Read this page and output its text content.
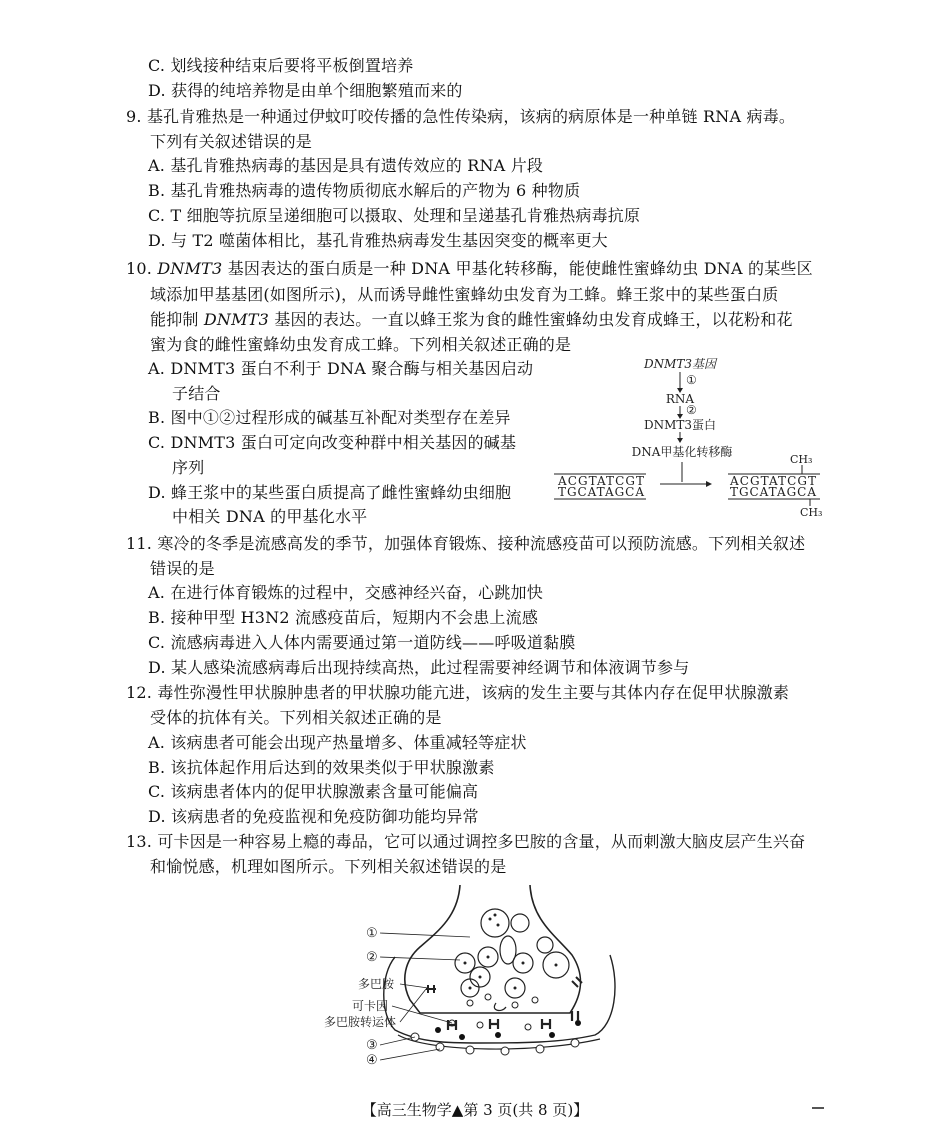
C. 划线接种结束后要将平板倒置培养
D. 获得的纯培养物是由单个细胞繁殖而来的
9. 基孔肯雅热是一种通过伊蚊叮咬传播的急性传染病，该病的病原体是一种单链 RNA 病毒。
下列有关叙述错误的是
A. 基孔肯雅热病毒的基因是具有遗传效应的 RNA 片段
B. 基孔肯雅热病毒的遗传物质彻底水解后的产物为 6 种物质
C. T 细胞等抗原呈递细胞可以摄取、处理和呈递基孔肯雅热病毒抗原
D. 与 T2 噬菌体相比，基孔肯雅热病毒发生基因突变的概率更大
10. DNMT3 基因表达的蛋白质是一种 DNA 甲基化转移酶，能使雌性蜜蜂幼虫 DNA 的某些区
域添加甲基基团(如图所示)，从而诱导雌性蜜蜂幼虫发育为工蜂。蜂王浆中的某些蛋白质
能抑制 DNMT3 基因的表达。一直以蜂王浆为食的雌性蜜蜂幼虫发育成蜂王，以花粉和花
蜜为食的雌性蜜蜂幼虫发育成工蜂。下列相关叙述正确的是
A. DNMT3 蛋白不利于 DNA 聚合酶与相关基因启动
子结合
B. 图中①②过程形成的碱基互补配对类型存在差异
C. DNMT3 蛋白可定向改变种群中相关基因的碱基
序列
D. 蜂王浆中的某些蛋白质提高了雌性蜜蜂幼虫细胞
中相关 DNA 的甲基化水平
DNMT3基因
①
RNA
②
DNMT3蛋白
DNA甲基化转移酶
ACGTATCGT
TGCATAGCA
ACGTATCGT
TGCATAGCA
CH₃
CH₃
11. 寒冷的冬季是流感高发的季节，加强体育锻炼、接种流感疫苗可以预防流感。下列相关叙述
错误的是
A. 在进行体育锻炼的过程中，交感神经兴奋，心跳加快
B. 接种甲型 H3N2 流感疫苗后，短期内不会患上流感
C. 流感病毒进入人体内需要通过第一道防线——呼吸道黏膜
D. 某人感染流感病毒后出现持续高热，此过程需要神经调节和体液调节参与
12. 毒性弥漫性甲状腺肿患者的甲状腺功能亢进，该病的发生主要与其体内存在促甲状腺激素
受体的抗体有关。下列相关叙述正确的是
A. 该病患者可能会出现产热量增多、体重减轻等症状
B. 该抗体起作用后达到的效果类似于甲状腺激素
C. 该病患者体内的促甲状腺激素含量可能偏高
D. 该病患者的免疫监视和免疫防御功能均异常
13. 可卡因是一种容易上瘾的毒品，它可以通过调控多巴胺的含量，从而刺激大脑皮层产生兴奋
和愉悦感，机理如图所示。下列相关叙述错误的是
①
②
多巴胺
可卡因
多巴胺转运体
③
④
【高三生物学▲第 3 页(共 8 页)】
